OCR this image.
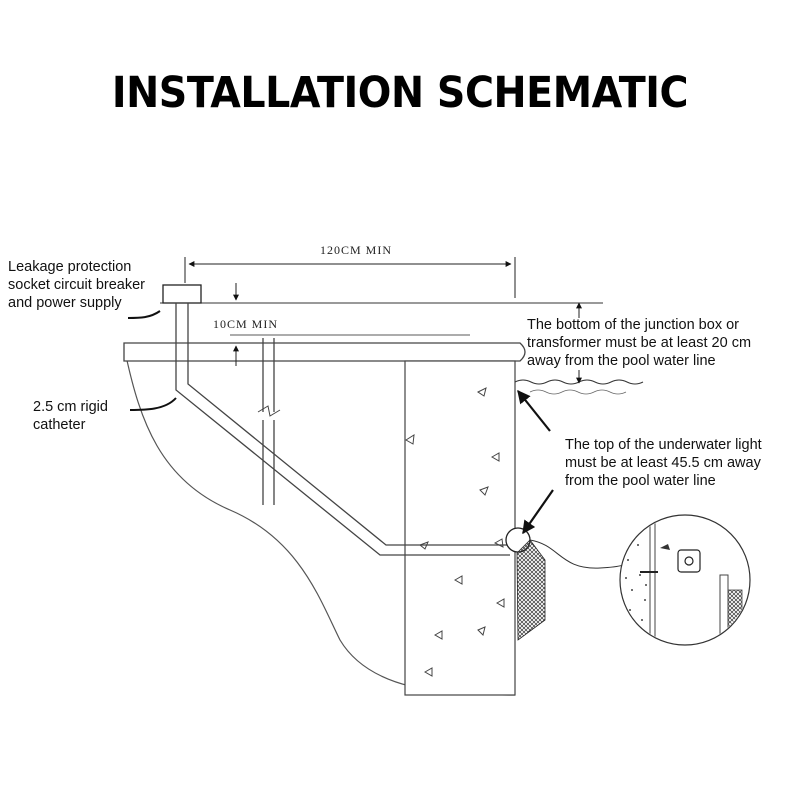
INSTALLATION SCHEMATIC
120CM MIN
10CM MIN
Leakage protection
socket circuit breaker
and power supply
2.5 cm rigid
catheter
The bottom of the junction box or
transformer must be at least 20 cm
away from the pool water line
The top of the underwater light
must be at least 45.5 cm away
from the pool water line
